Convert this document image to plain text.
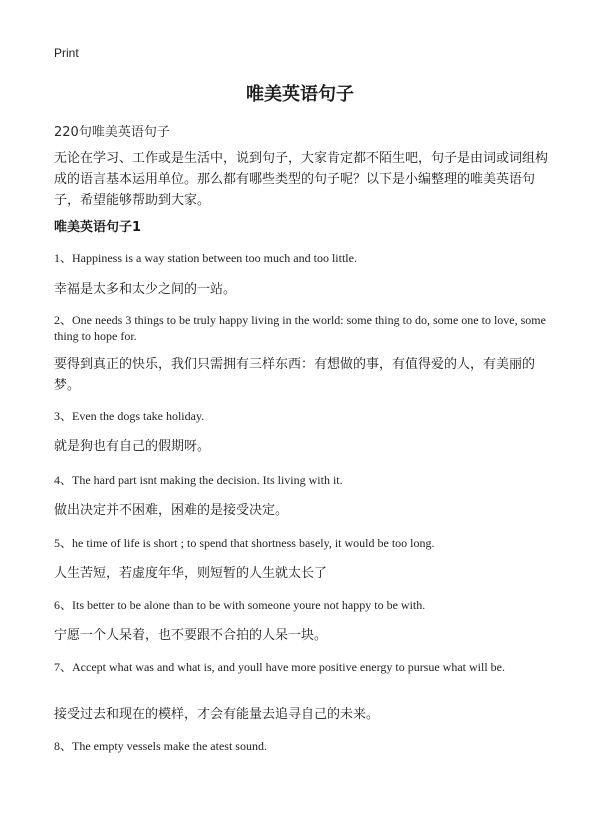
Print
唯美英语句子
220句唯美英语句子

无论在学习、工作或是生活中，说到句子，大家肯定都不陌生吧，句子是由词或词组构成的语言基本运用单位。那么都有哪些类型的句子呢？以下是小编整理的唯美英语句子，希望能够帮助到大家。

唯美英语句子1

1、Happiness is a way station between too much and too little.

幸福是太多和太少之间的一站。

2、One needs 3 things to be truly happy living in the world: some thing to do, some one to love, some thing to hope for.

要得到真正的快乐，我们只需拥有三样东西：有想做的事，有值得爱的人，有美丽的梦。

3、Even the dogs take holiday.

就是狗也有自己的假期呀。

4、The hard part isnt making the decision. Its living with it.

做出决定并不困难，困难的是接受决定。

5、he time of life is short ; to spend that shortness basely, it would be too long.

人生苦短，若虚度年华，则短暂的人生就太长了

6、Its better to be alone than to be with someone youre not happy to be with.

宁愿一个人呆着，也不要跟不合拍的人呆一块。

7、Accept what was and what is, and youll have more positive energy to pursue what will be.

接受过去和现在的模样，才会有能量去追寻自己的未来。

8、The empty vessels make the atest sound.
